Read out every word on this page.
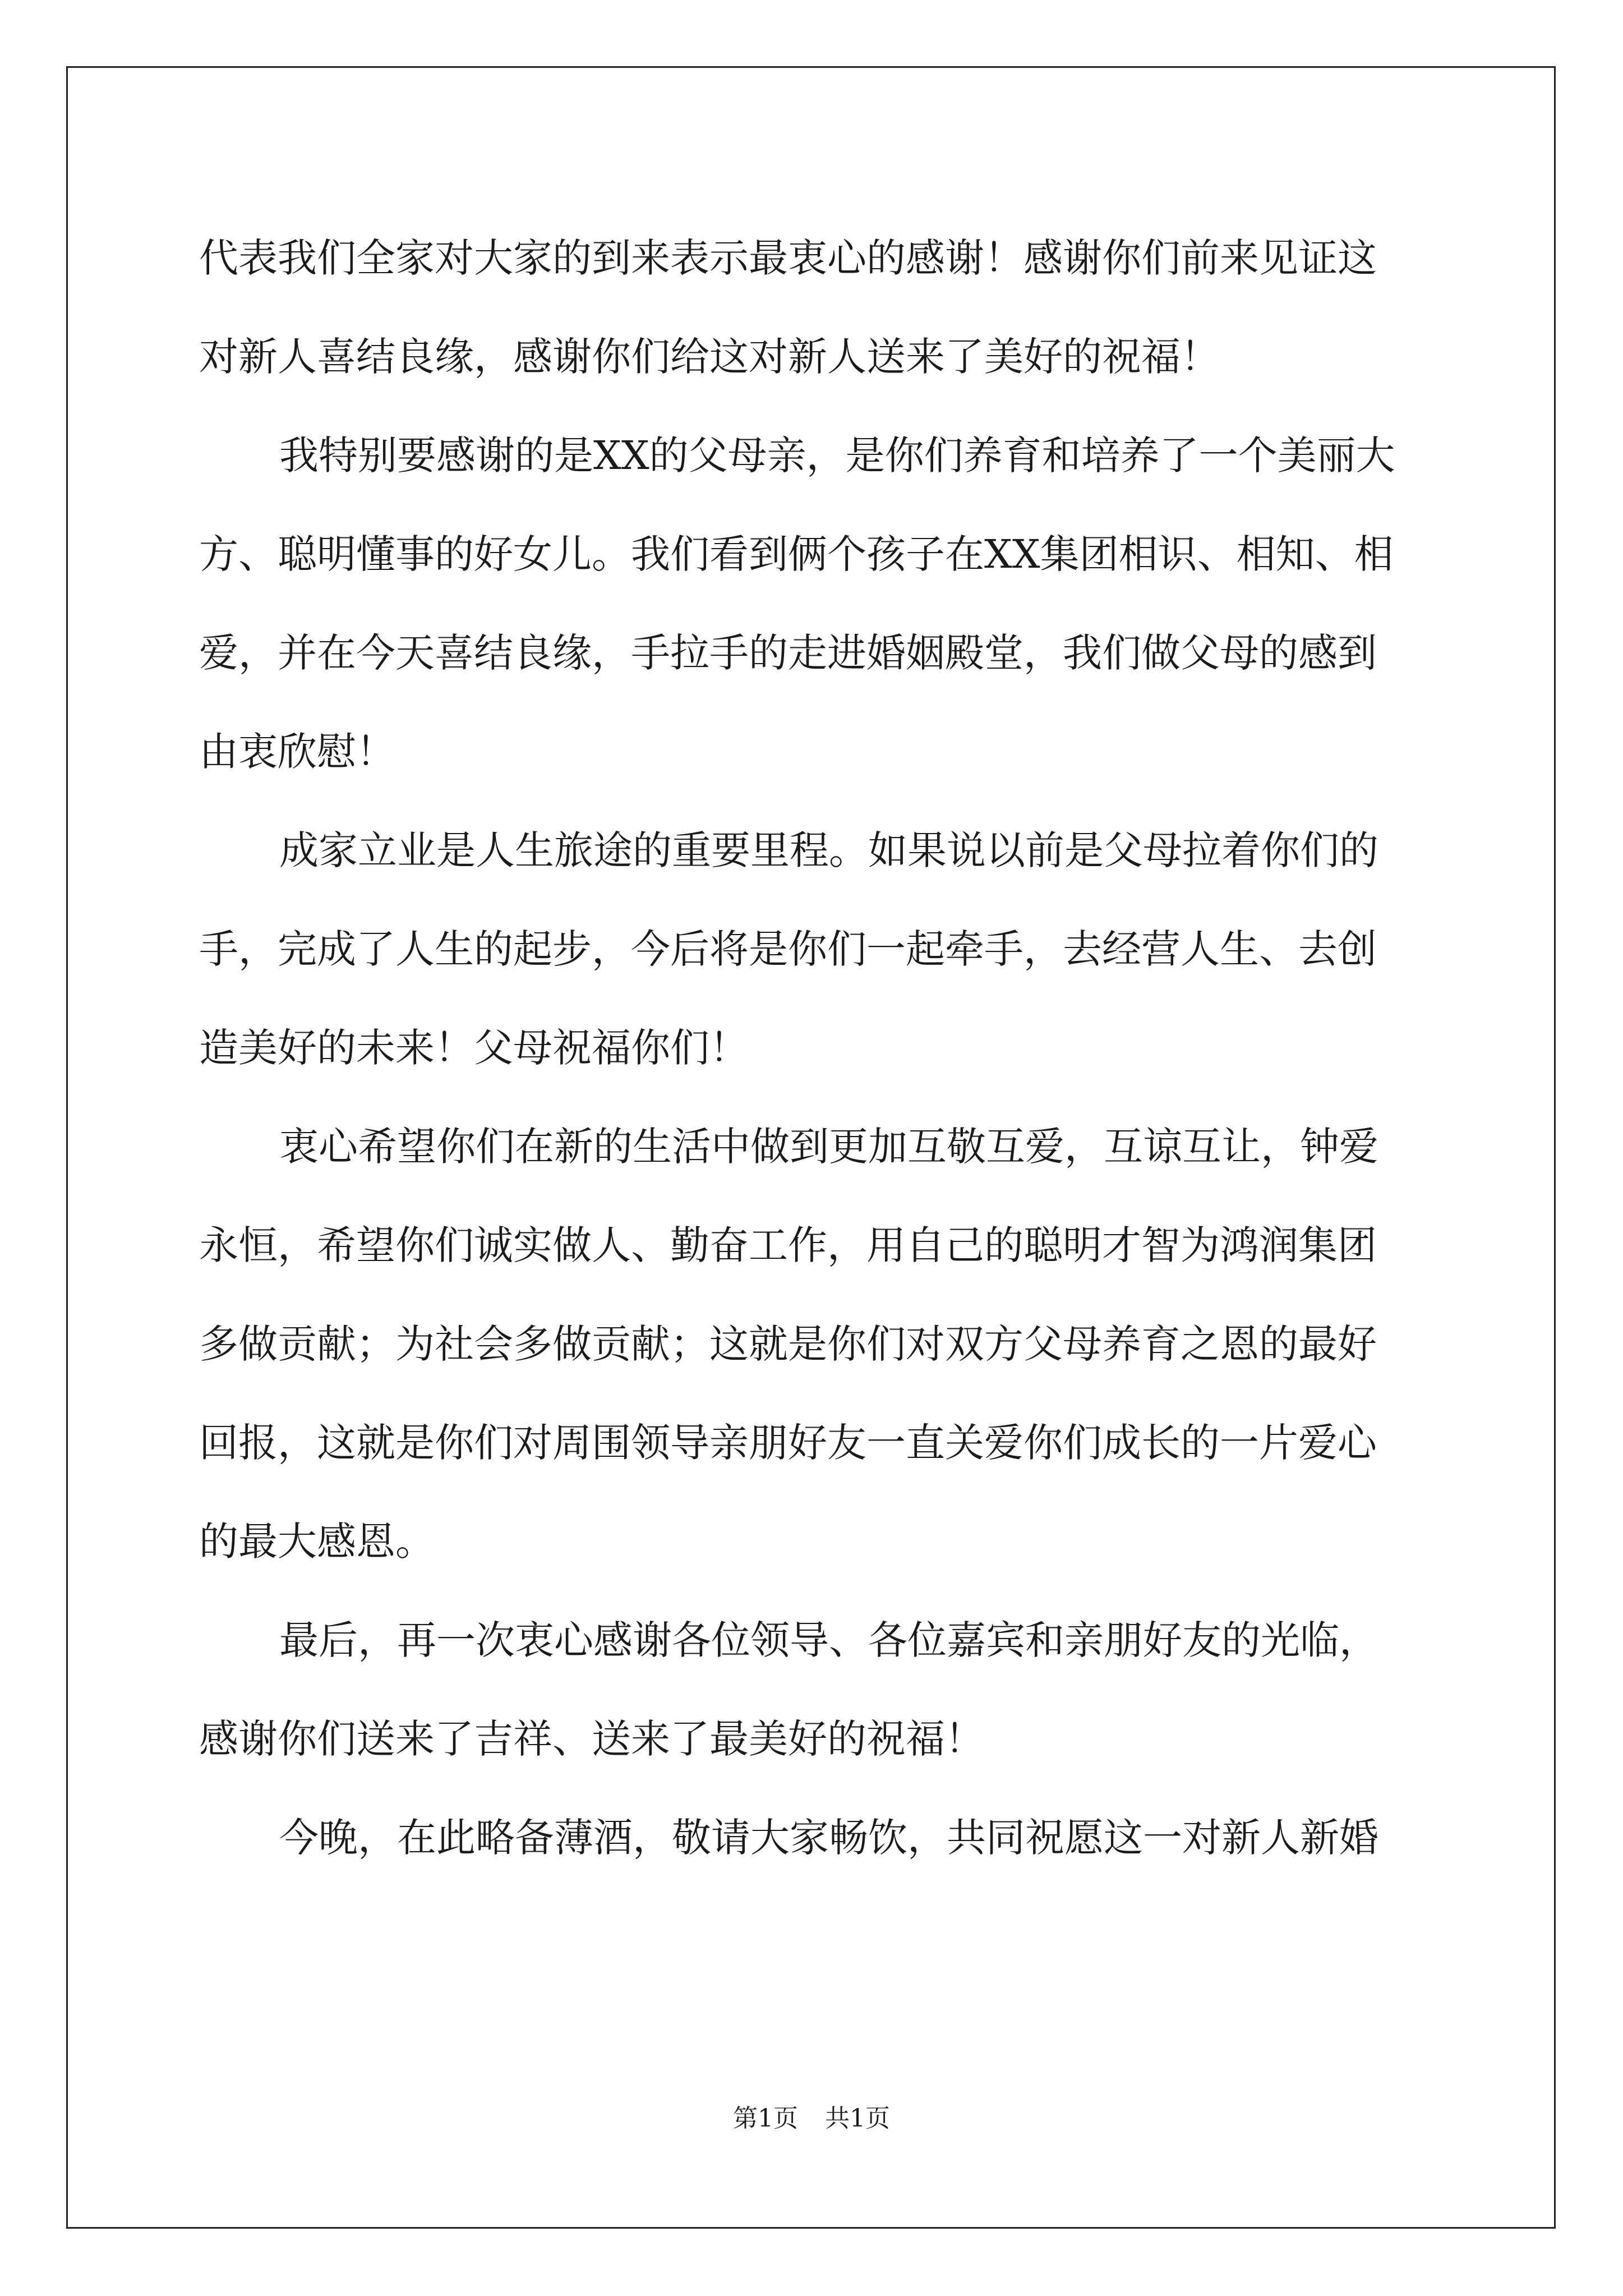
代表我们全家对大家的到来表示最衷心的感谢！感谢你们前来见证这
对新人喜结良缘，感谢你们给这对新人送来了美好的祝福！
我特别要感谢的是XX的父母亲，是你们养育和培养了一个美丽大
方、聪明懂事的好女儿。我们看到俩个孩子在XX集团相识、相知、相
爱，并在今天喜结良缘，手拉手的走进婚姻殿堂，我们做父母的感到
由衷欣慰！
成家立业是人生旅途的重要里程。如果说以前是父母拉着你们的
手，完成了人生的起步，今后将是你们一起牵手，去经营人生、去创
造美好的未来！父母祝福你们！
衷心希望你们在新的生活中做到更加互敬互爱，互谅互让，钟爱
永恒，希望你们诚实做人、勤奋工作，用自己的聪明才智为鸿润集团
多做贡献；为社会多做贡献；这就是你们对双方父母养育之恩的最好
回报，这就是你们对周围领导亲朋好友一直关爱你们成长的一片爱心
的最大感恩。
最后，再一次衷心感谢各位领导、各位嘉宾和亲朋好友的光临，
感谢你们送来了吉祥、送来了最美好的祝福！
今晚，在此略备薄酒，敬请大家畅饮，共同祝愿这一对新人新婚
第1页 共1页
